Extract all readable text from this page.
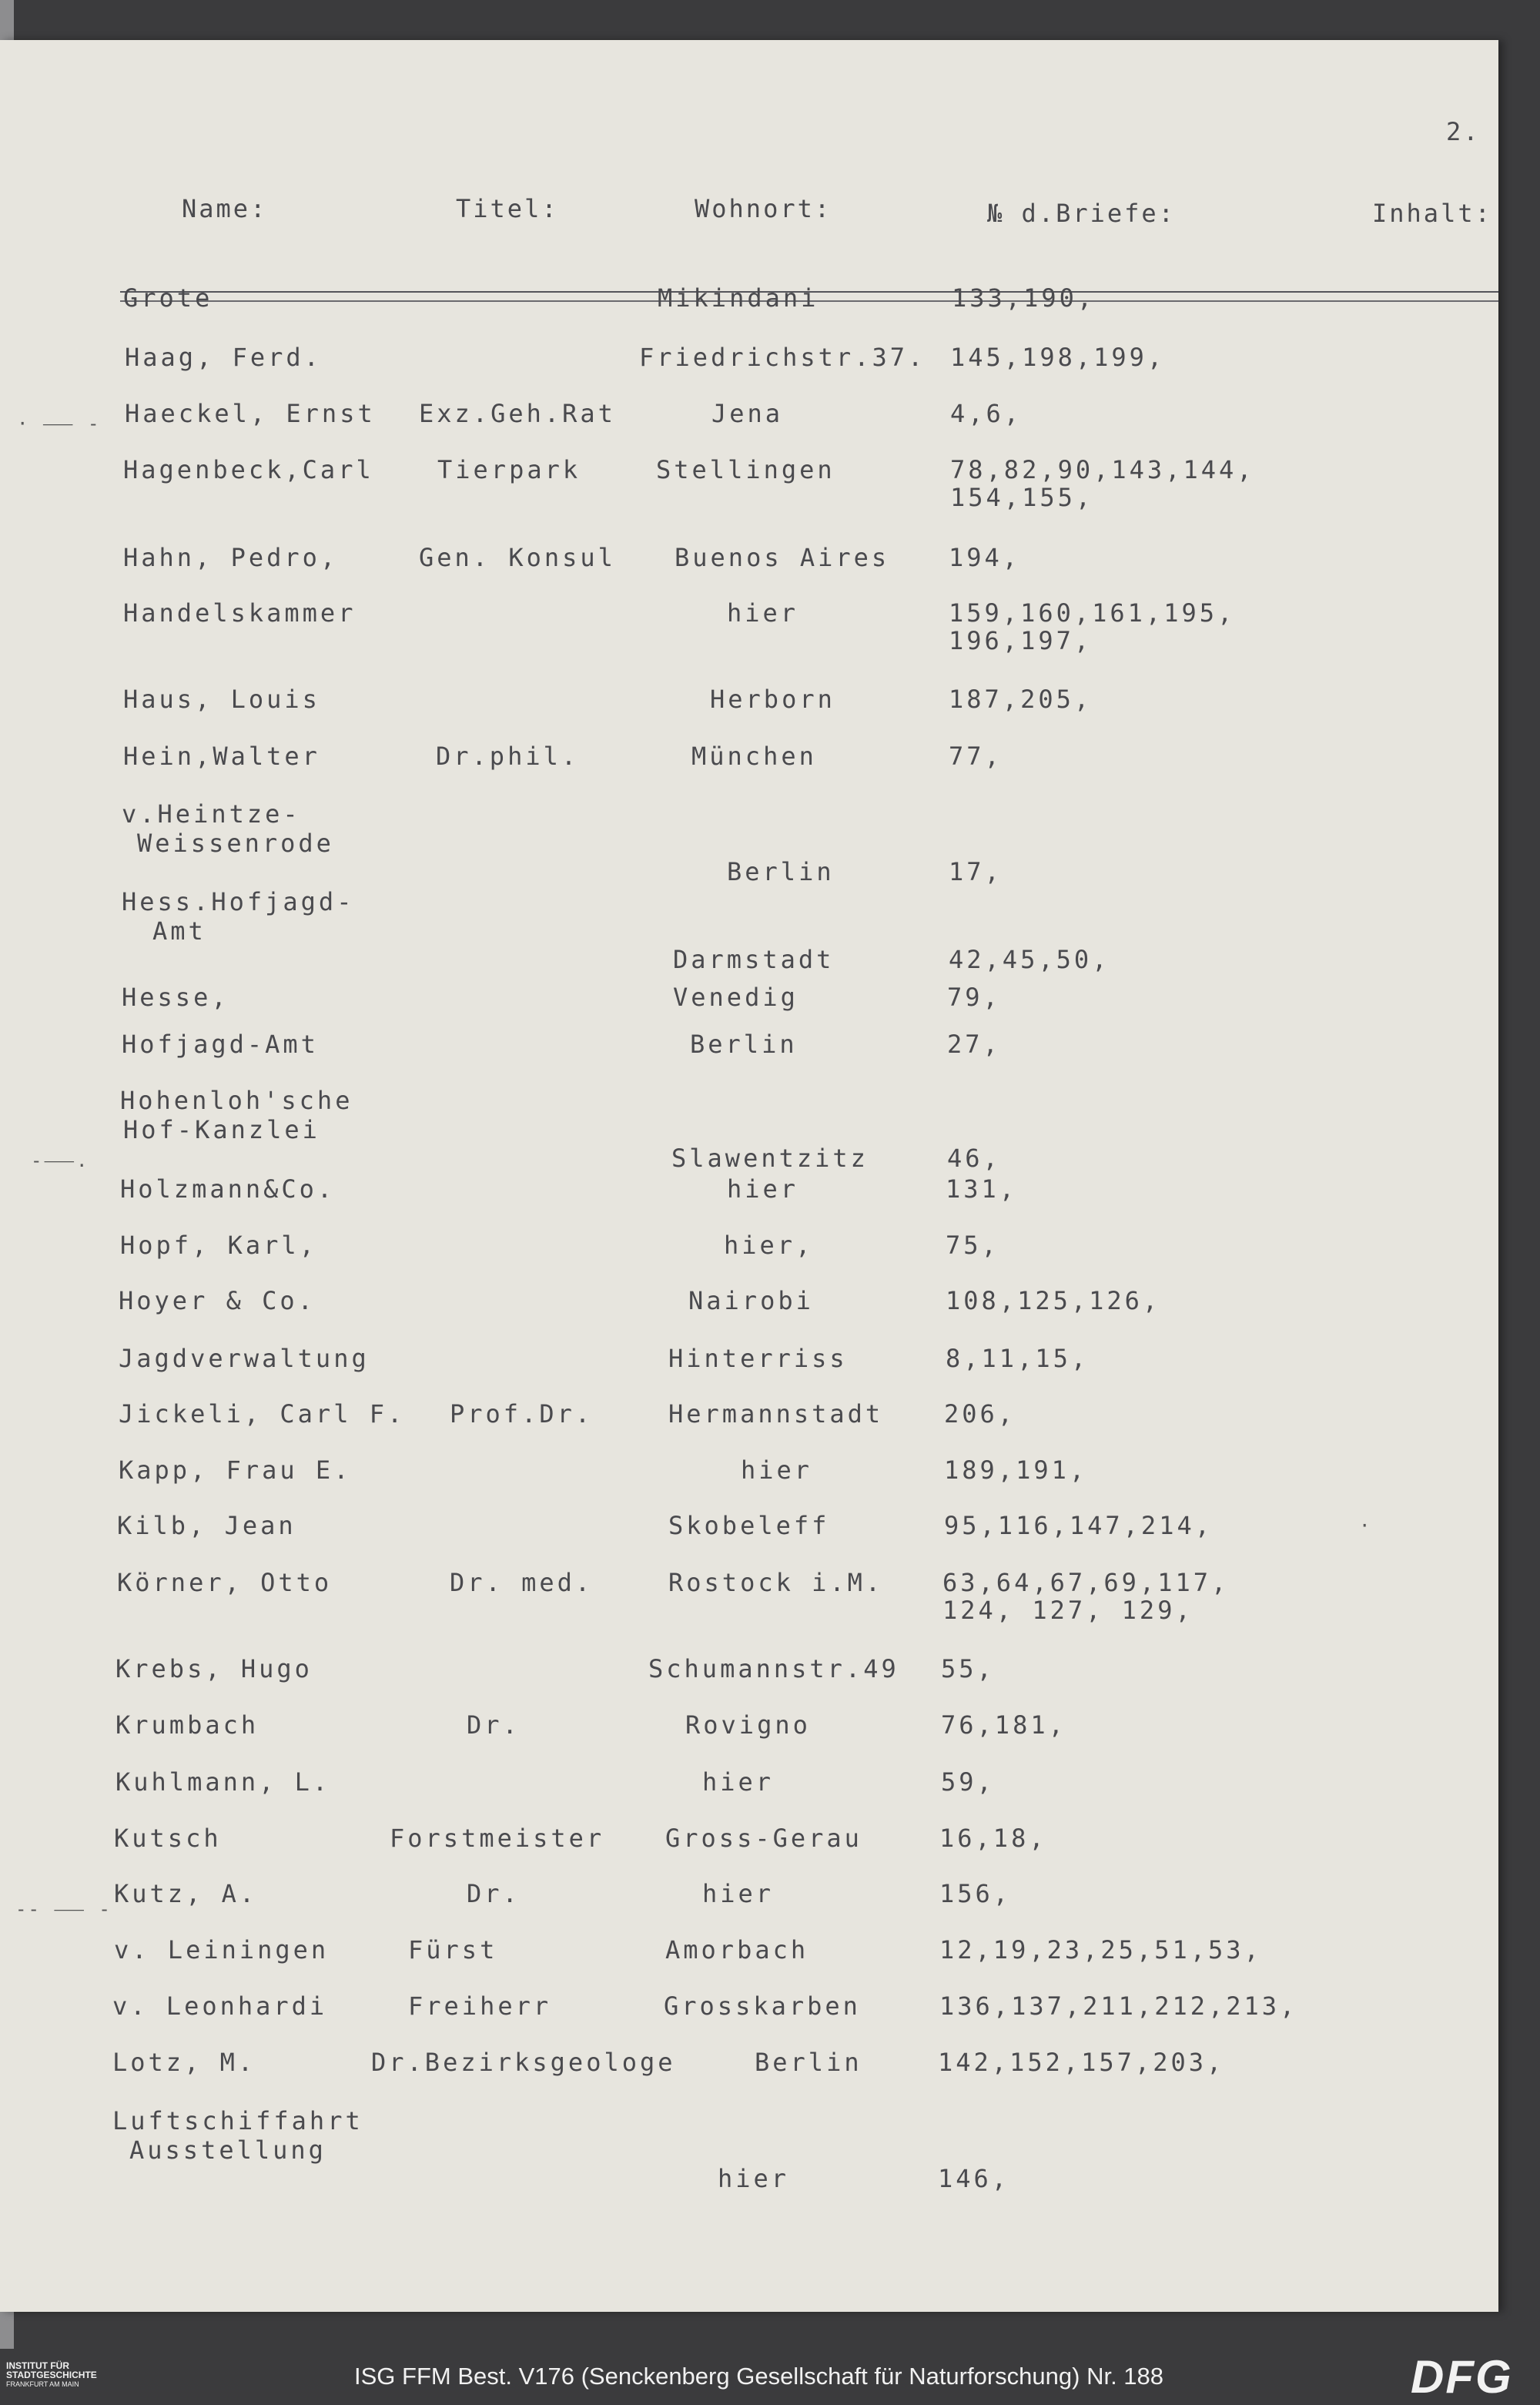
2.
Name:	Titel:	Wohnort:	№ d.Briefe:	Inhalt:
· ⸺ -
-⸺.
-- ⸺ -
·
Grote	Mikindani	133,190,
Haag, Ferd.	Friedrichstr.37. 145,198,199,
Haeckel, Ernst Exz.Geh.Rat	Jena	4,6,
Hagenbeck,Carl	Tierpark	Stellingen	78,82,90,143,144,
154,155,
Hahn, Pedro,	Gen. Konsul Buenos Aires 194,
Handelskammer	hier	159,160,161,195,
196,197,
Haus, Louis	Herborn	187,205,
Hein,Walter	Dr.phil.	München	77,
v.Heintze-
Weissenrode
Berlin	17,
Hess.Hofjagd-
Amt
Darmstadt	42,45,50,
Hesse,	Venedig	79,
Hofjagd-Amt	Berlin	27,
Hohenloh'sche
Hof-Kanzlei
Slawentzitz	46,
Holzmann&Co.	hier	131,
Hopf, Karl,	hier,	75,
Hoyer & Co.	Nairobi	108,125,126,
Jagdverwaltung	Hinterriss	8,11,15,
Jickeli, Carl F. Prof.Dr.	Hermannstadt 206,
Kapp, Frau E.	hier	189,191,
Kilb, Jean	Skobeleff	95,116,147,214,
Körner, Otto	Dr. med.	Rostock i.M. 63,64,67,69,117,
124, 127, 129,
Krebs, Hugo	Schumannstr.49 55,
Krumbach	Dr.	Rovigno	76,181,
Kuhlmann, L.	hier	59,
Kutsch	Forstmeister Gross-Gerau	16,18,
Kutz, A.	Dr.	hier	156,
v. Leiningen	Fürst	Amorbach	12,19,23,25,51,53,
v. Leonhardi	Freiherr	Grosskarben	136,137,211,212,213,
Lotz, M.	Dr.Bezirksgeologe	Berlin	142,152,157,203,
Luftschiffahrt
Ausstellung
hier	146,
INSTITUT FÜR
STADTGESCHICHTE
FRANKFURT AM MAIN	ISG FFM Best. V176 (Senckenberg Gesellschaft für Naturforschung) Nr. 188	DFG
